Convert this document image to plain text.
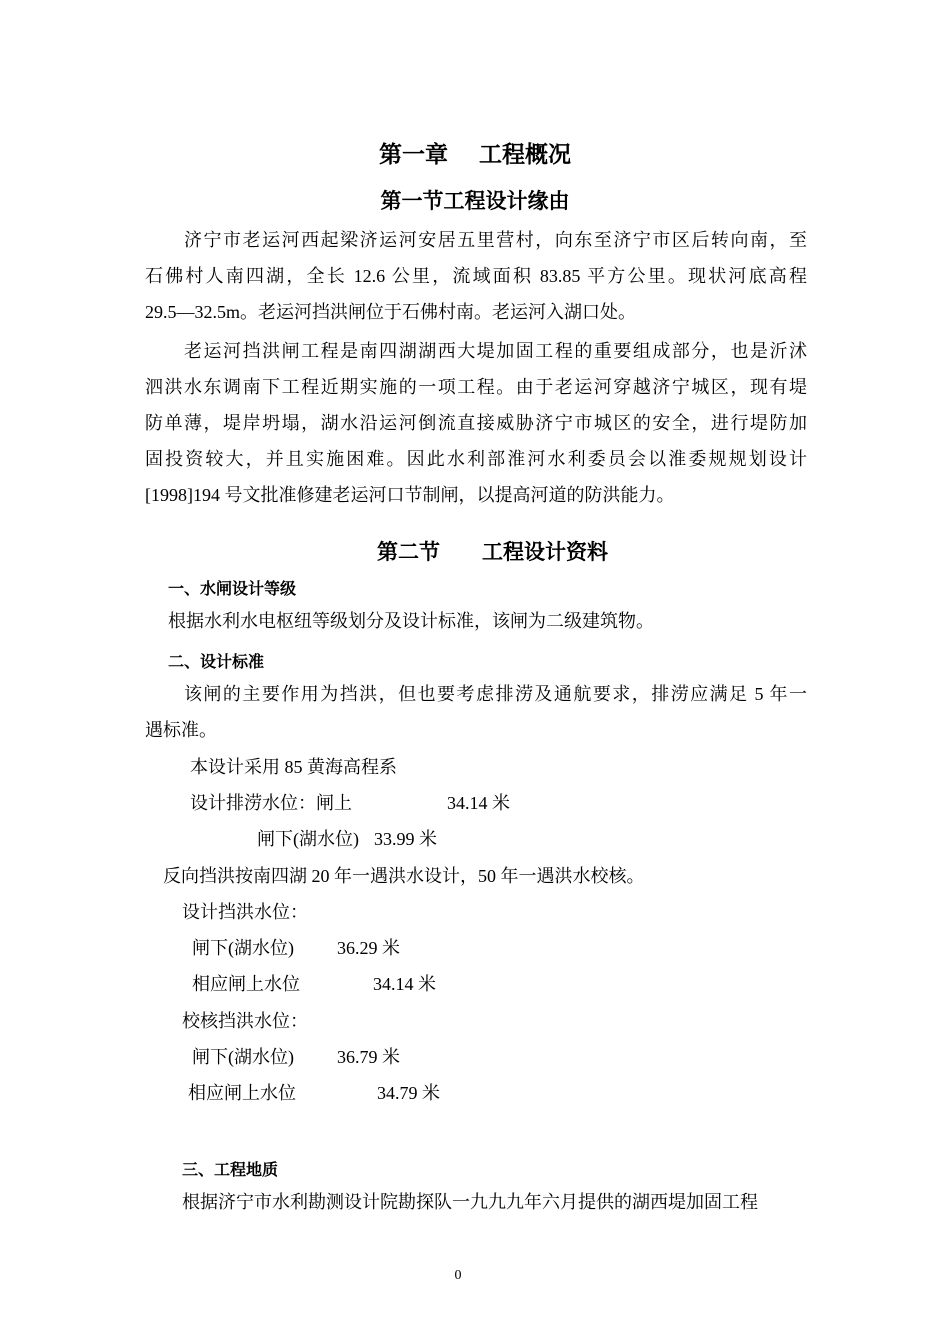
第一章　 工程概况
第一节工程设计缘由
　　济宁市老运河西起梁济运河安居五里营村，向东至济宁市区后转向南，至
石佛村人南四湖，全长 12.6 公里，流域面积 83.85 平方公里。现状河底高程
29.5—32.5m。老运河挡洪闸位于石佛村南。老运河入湖口处。
　　老运河挡洪闸工程是南四湖湖西大堤加固工程的重要组成部分，也是沂沭
泗洪水东调南下工程近期实施的一项工程。由于老运河穿越济宁城区，现有堤
防单薄，堤岸坍塌，湖水沿运河倒流直接威胁济宁市城区的安全，进行堤防加
固投资较大，并且实施困难。因此水利部淮河水利委员会以淮委规规划设计
[1998]194 号文批准修建老运河口节制闸，以提高河道的防洪能力。
第二节　　工程设计资料
一、水闸设计等级
根据水利水电枢纽等级划分及设计标准，该闸为二级建筑物。
二、设计标准
　　该闸的主要作用为挡洪，但也要考虑排涝及通航要求，排涝应满足 5 年一
遇标准。
本设计采用 85 黄海高程系
设计排涝水位：闸上	34.14 米
闸下(湖水位) 33.99 米
反向挡洪按南四湖 20 年一遇洪水设计，50 年一遇洪水校核。
设计挡洪水位：
闸下(湖水位) 36.29 米
相应闸上水位	34.14 米
校核挡洪水位：
闸下(湖水位) 36.79 米
相应闸上水位	34.79 米
三、工程地质
根据济宁市水利勘测设计院勘探队一九九九年六月提供的湖西堤加固工程
0
